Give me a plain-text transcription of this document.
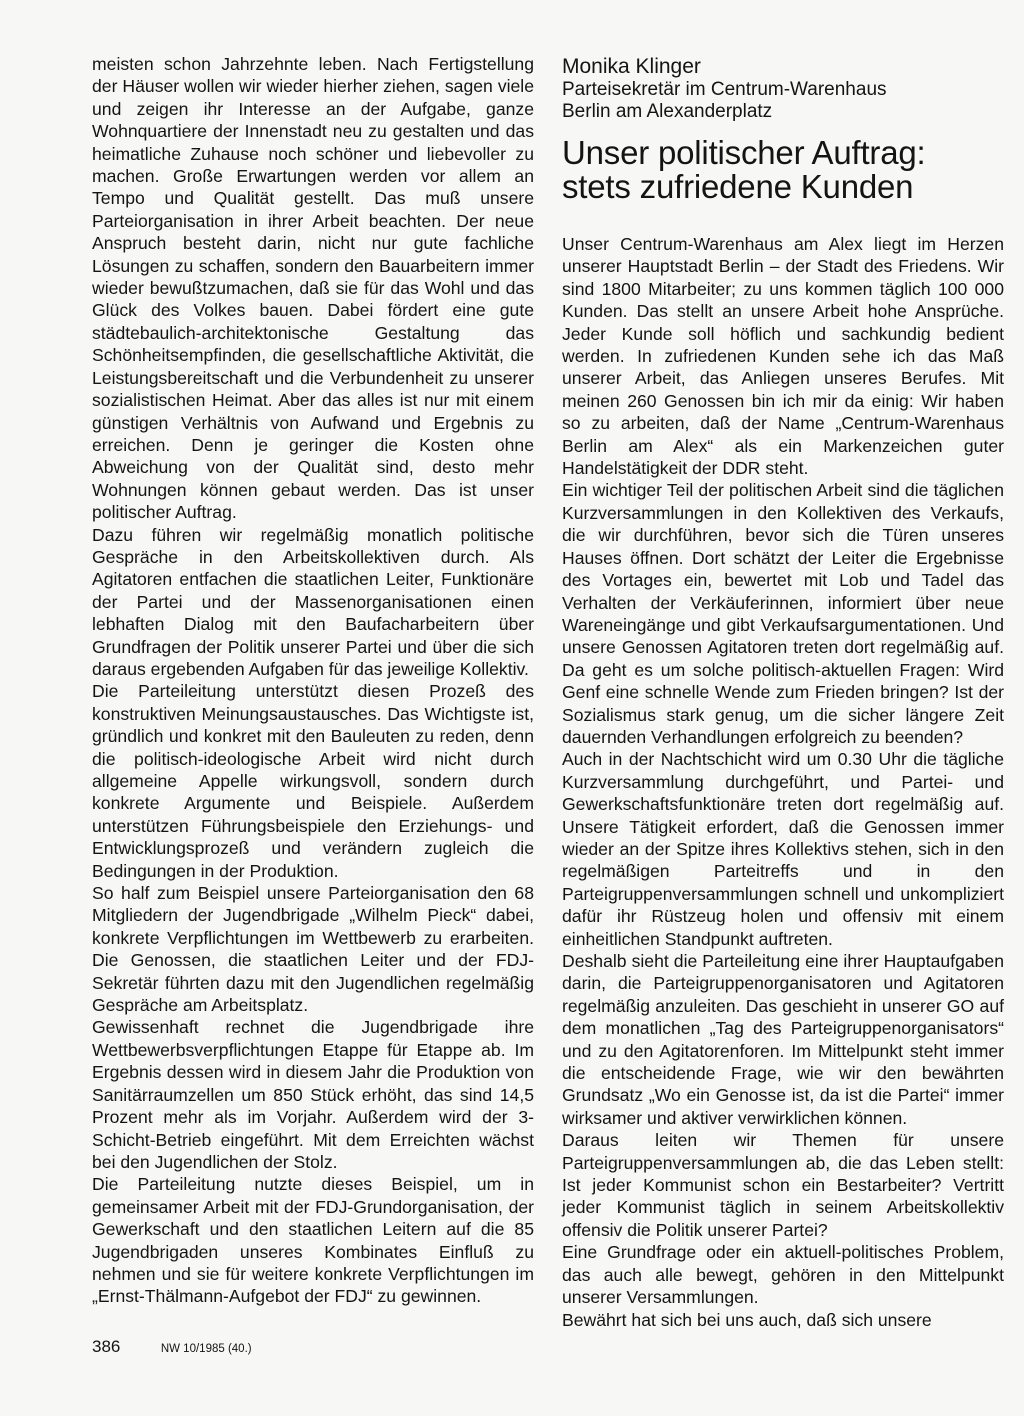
meisten schon Jahrzehnte leben. Nach Fertigstellung der Häuser wollen wir wieder hierher ziehen, sagen viele und zeigen ihr Interesse an der Aufgabe, ganze Wohnquartiere der Innenstadt neu zu gestalten und das heimatliche Zuhause noch schöner und liebevoller zu machen. Große Erwartungen werden vor allem an Tempo und Qualität gestellt. Das muß unsere Parteiorganisation in ihrer Arbeit beachten. Der neue Anspruch besteht darin, nicht nur gute fachliche Lösungen zu schaffen, sondern den Bauarbeitern immer wieder bewußtzumachen, daß sie für das Wohl und das Glück des Volkes bauen. Dabei fördert eine gute städtebaulich-architektonische Gestaltung das Schönheitsempfinden, die gesellschaftliche Aktivität, die Leistungsbereitschaft und die Verbundenheit zu unserer sozialistischen Heimat. Aber das alles ist nur mit einem günstigen Verhältnis von Aufwand und Ergebnis zu erreichen. Denn je geringer die Kosten ohne Abweichung von der Qualität sind, desto mehr Wohnungen können gebaut werden. Das ist unser politischer Auftrag.

Dazu führen wir regelmäßig monatlich politische Gespräche in den Arbeitskollektiven durch. Als Agitatoren entfachen die staatlichen Leiter, Funktionäre der Partei und der Massenorganisationen einen lebhaften Dialog mit den Baufacharbeitern über Grundfragen der Politik unserer Partei und über die sich daraus ergebenden Aufgaben für das jeweilige Kollektiv.

Die Parteileitung unterstützt diesen Prozeß des konstruktiven Meinungsaustausches. Das Wichtigste ist, gründlich und konkret mit den Bauleuten zu reden, denn die politisch-ideologische Arbeit wird nicht durch allgemeine Appelle wirkungsvoll, sondern durch konkrete Argumente und Beispiele. Außerdem unterstützen Führungsbeispiele den Erziehungs- und Entwicklungsprozeß und verändern zugleich die Bedingungen in der Produktion.

So half zum Beispiel unsere Parteiorganisation den 68 Mitgliedern der Jugendbrigade „Wilhelm Pieck“ dabei, konkrete Verpflichtungen im Wettbewerb zu erarbeiten. Die Genossen, die staatlichen Leiter und der FDJ-Sekretär führten dazu mit den Jugendlichen regelmäßig Gespräche am Arbeitsplatz.

Gewissenhaft rechnet die Jugendbrigade ihre Wettbewerbsverpflichtungen Etappe für Etappe ab. Im Ergebnis dessen wird in diesem Jahr die Produktion von Sanitärraumzellen um 850 Stück erhöht, das sind 14,5 Prozent mehr als im Vorjahr. Außerdem wird der 3-Schicht-Betrieb eingeführt. Mit dem Erreichten wächst bei den Jugendlichen der Stolz.

Die Parteileitung nutzte dieses Beispiel, um in gemeinsamer Arbeit mit der FDJ-Grundorganisation, der Gewerkschaft und den staatlichen Leitern auf die 85 Jugendbrigaden unseres Kombinates Einfluß zu nehmen und sie für weitere konkrete Verpflichtungen im „Ernst-Thälmann-Aufgebot der FDJ“ zu gewinnen.

Monika Klinger
Parteisekretär im Centrum-Warenhaus
Berlin am Alexanderplatz
Unser politischer Auftrag:
stets zufriedene Kunden

Unser Centrum-Warenhaus am Alex liegt im Herzen unserer Hauptstadt Berlin – der Stadt des Friedens. Wir sind 1800 Mitarbeiter; zu uns kommen täglich 100 000 Kunden. Das stellt an unsere Arbeit hohe Ansprüche. Jeder Kunde soll höflich und sachkundig bedient werden. In zufriedenen Kunden sehe ich das Maß unserer Arbeit, das Anliegen unseres Berufes. Mit meinen 260 Genossen bin ich mir da einig: Wir haben so zu arbeiten, daß der Name „Centrum-Warenhaus Berlin am Alex“ als ein Markenzeichen guter Handelstätigkeit der DDR steht.

Ein wichtiger Teil der politischen Arbeit sind die täglichen Kurzversammlungen in den Kollektiven des Verkaufs, die wir durchführen, bevor sich die Türen unseres Hauses öffnen. Dort schätzt der Leiter die Ergebnisse des Vortages ein, bewertet mit Lob und Tadel das Verhalten der Verkäuferinnen, informiert über neue Wareneingänge und gibt Verkaufsargumentationen. Und unsere Genossen Agitatoren treten dort regelmäßig auf. Da geht es um solche politisch-aktuellen Fragen: Wird Genf eine schnelle Wende zum Frieden bringen? Ist der Sozialismus stark genug, um die sicher längere Zeit dauernden Verhandlungen erfolgreich zu beenden?

Auch in der Nachtschicht wird um 0.30 Uhr die tägliche Kurzversammlung durchgeführt, und Partei- und Gewerkschaftsfunktionäre treten dort regelmäßig auf. Unsere Tätigkeit erfordert, daß die Genossen immer wieder an der Spitze ihres Kollektivs stehen, sich in den regelmäßigen Parteitreffs und in den Parteigruppenversammlungen schnell und unkompliziert dafür ihr Rüstzeug holen und offensiv mit einem einheitlichen Standpunkt auftreten.

Deshalb sieht die Parteileitung eine ihrer Hauptaufgaben darin, die Parteigruppenorganisatoren und Agitatoren regelmäßig anzuleiten. Das geschieht in unserer GO auf dem monatlichen „Tag des Parteigruppenorganisators“ und zu den Agitatorenforen. Im Mittelpunkt steht immer die entscheidende Frage, wie wir den bewährten Grundsatz „Wo ein Genosse ist, da ist die Partei“ immer wirksamer und aktiver verwirklichen können.

Daraus leiten wir Themen für unsere Parteigruppenversammlungen ab, die das Leben stellt: Ist jeder Kommunist schon ein Bestarbeiter? Vertritt jeder Kommunist täglich in seinem Arbeitskollektiv offensiv die Politik unserer Partei?

Eine Grundfrage oder ein aktuell-politisches Problem, das auch alle bewegt, gehören in den Mittelpunkt unserer Versammlungen.

Bewährt hat sich bei uns auch, daß sich unsere

386	NW 10/1985 (40.)
